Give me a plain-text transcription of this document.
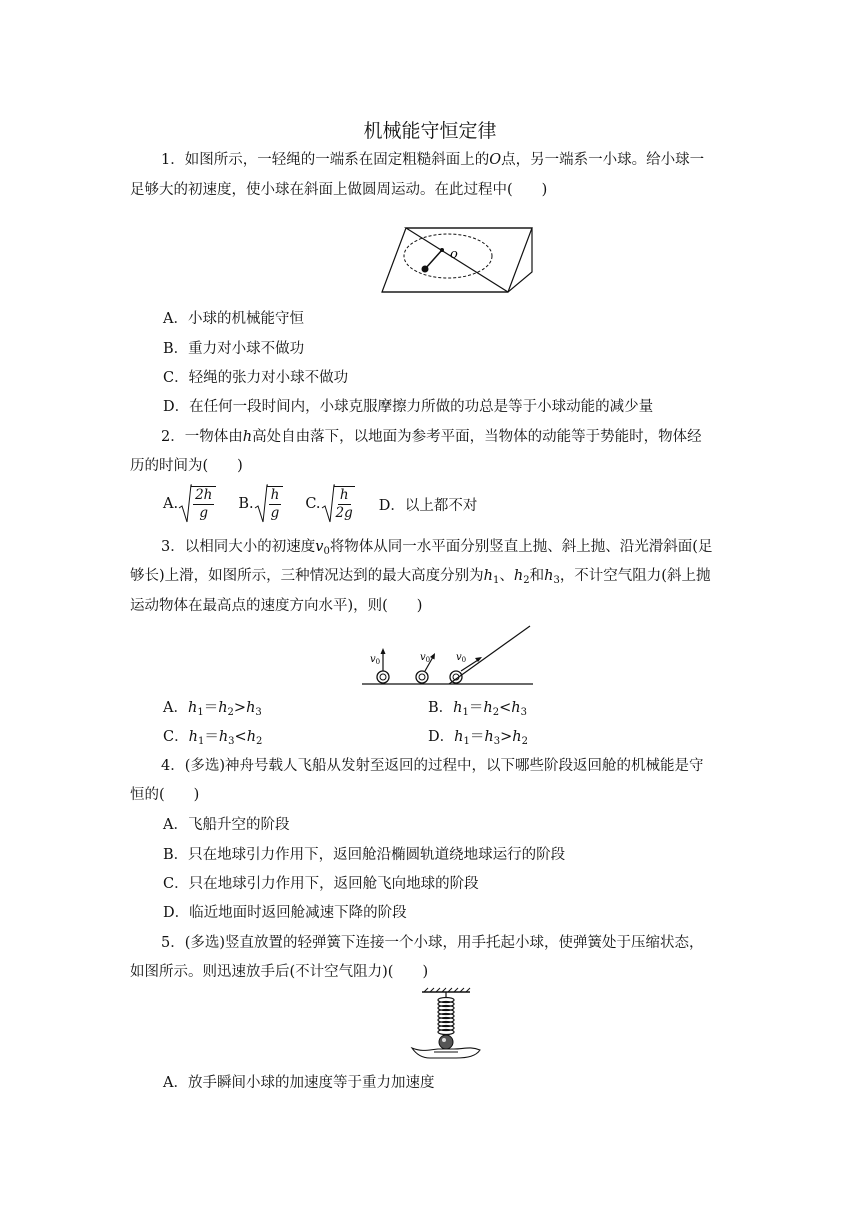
机械能守恒定律
1．如图所示，一轻绳的一端系在固定粗糙斜面上的O点，另一端系一小球。给小球一
足够大的初速度，使小球在斜面上做圆周运动。在此过程中(　　)
o
A．小球的机械能守恒
B．重力对小球不做功
C．轻绳的张力对小球不做功
D．在任何一段时间内，小球克服摩擦力所做的功总是等于小球动能的减少量
2．一物体由h高处自由落下，以地面为参考平面，当物体的动能等于势能时，物体经
历的时间为(　　)
A. $\frac{2h}{g} B$. $\frac{h}{g} C$. $\frac{h}{2g}$ D．以上都不对
3．以相同大小的初速度$v_0$将物体从同一水平面分别竖直上抛、斜上抛、沿光滑斜面(足
够长)上滑，如图所示，三种情况达到的最大高度分别为$h_1$、$h_2$和$h_3$，不计空气阻力(斜上抛
运动物体在最高点的速度方向水平)，则(　　)
$v_0$	$v_0$	$v_0$
A．$h_1=h_2>h_3$	B．$h_1=h_2<h_3$
C．$h_1=h_3<h_2$	D．$h_1=h_3>h_2$
4．(多选)神舟号载人飞船从发射至返回的过程中，以下哪些阶段返回舱的机械能是守
恒的(　　)
A．飞船升空的阶段
B．只在地球引力作用下，返回舱沿椭圆轨道绕地球运行的阶段
C．只在地球引力作用下，返回舱飞向地球的阶段
D．临近地面时返回舱减速下降的阶段
5．(多选)竖直放置的轻弹簧下连接一个小球，用手托起小球，使弹簧处于压缩状态，
如图所示。则迅速放手后(不计空气阻力)(　　)
A．放手瞬间小球的加速度等于重力加速度
